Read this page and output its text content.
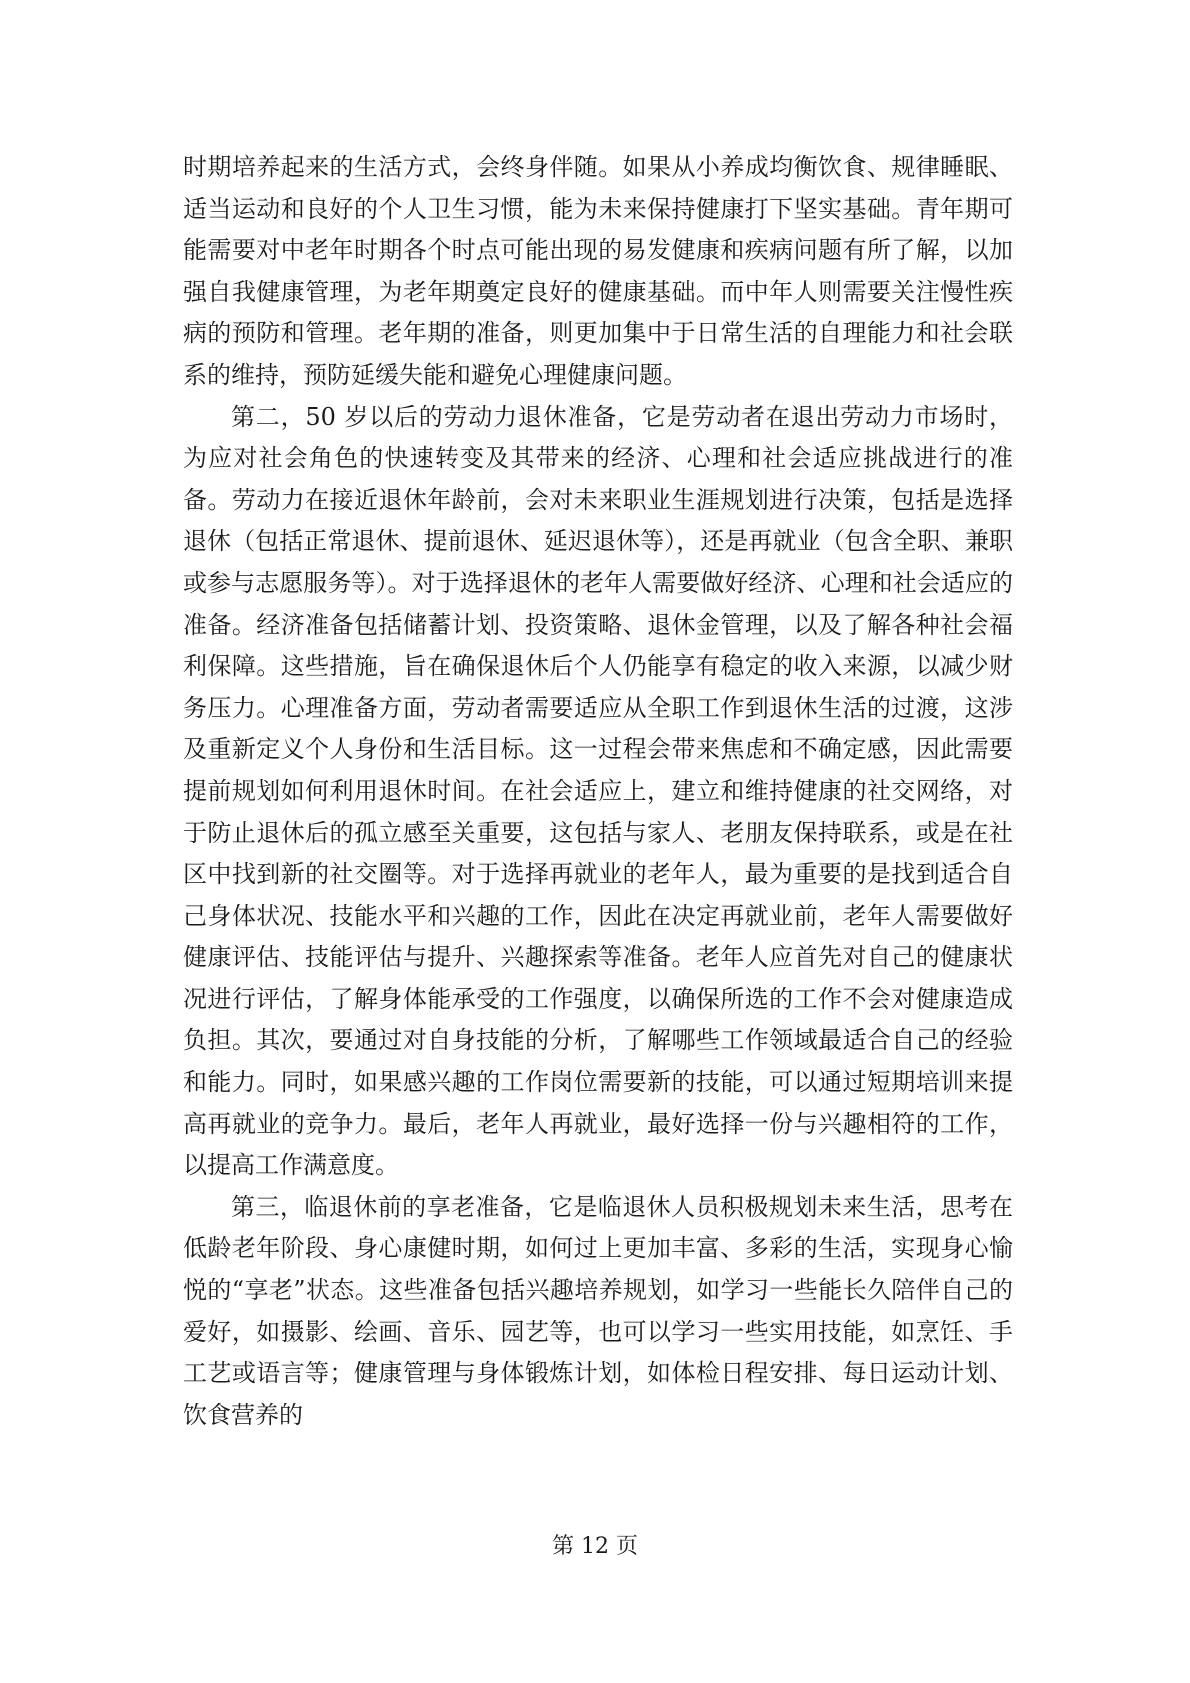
时期培养起来的生活方式，会终身伴随。如果从小养成均衡饮食、规律睡眠、适当运动和良好的个人卫生习惯，能为未来保持健康打下坚实基础。青年期可能需要对中老年时期各个时点可能出现的易发健康和疾病问题有所了解，以加强自我健康管理，为老年期奠定良好的健康基础。而中年人则需要关注慢性疾病的预防和管理。老年期的准备，则更加集中于日常生活的自理能力和社会联系的维持，预防延缓失能和避免心理健康问题。

第二，50 岁以后的劳动力退休准备，它是劳动者在退出劳动力市场时，为应对社会角色的快速转变及其带来的经济、心理和社会适应挑战进行的准备。劳动力在接近退休年龄前，会对未来职业生涯规划进行决策，包括是选择退休（包括正常退休、提前退休、延迟退休等），还是再就业（包含全职、兼职或参与志愿服务等）。对于选择退休的老年人需要做好经济、心理和社会适应的准备。经济准备包括储蓄计划、投资策略、退休金管理，以及了解各种社会福利保障。这些措施，旨在确保退休后个人仍能享有稳定的收入来源，以减少财务压力。心理准备方面，劳动者需要适应从全职工作到退休生活的过渡，这涉及重新定义个人身份和生活目标。这一过程会带来焦虑和不确定感，因此需要提前规划如何利用退休时间。在社会适应上，建立和维持健康的社交网络，对于防止退休后的孤立感至关重要，这包括与家人、老朋友保持联系，或是在社区中找到新的社交圈等。对于选择再就业的老年人，最为重要的是找到适合自己身体状况、技能水平和兴趣的工作，因此在决定再就业前，老年人需要做好健康评估、技能评估与提升、兴趣探索等准备。老年人应首先对自己的健康状况进行评估，了解身体能承受的工作强度，以确保所选的工作不会对健康造成负担。其次，要通过对自身技能的分析，了解哪些工作领域最适合自己的经验和能力。同时，如果感兴趣的工作岗位需要新的技能，可以通过短期培训来提高再就业的竞争力。最后，老年人再就业，最好选择一份与兴趣相符的工作，以提高工作满意度。

第三，临退休前的享老准备，它是临退休人员积极规划未来生活，思考在低龄老年阶段、身心康健时期，如何过上更加丰富、多彩的生活，实现身心愉悦的“享老”状态。这些准备包括兴趣培养规划，如学习一些能长久陪伴自己的爱好，如摄影、绘画、音乐、园艺等，也可以学习一些实用技能，如烹饪、手工艺或语言等；健康管理与身体锻炼计划，如体检日程安排、每日运动计划、饮食营养的

第 12 页
